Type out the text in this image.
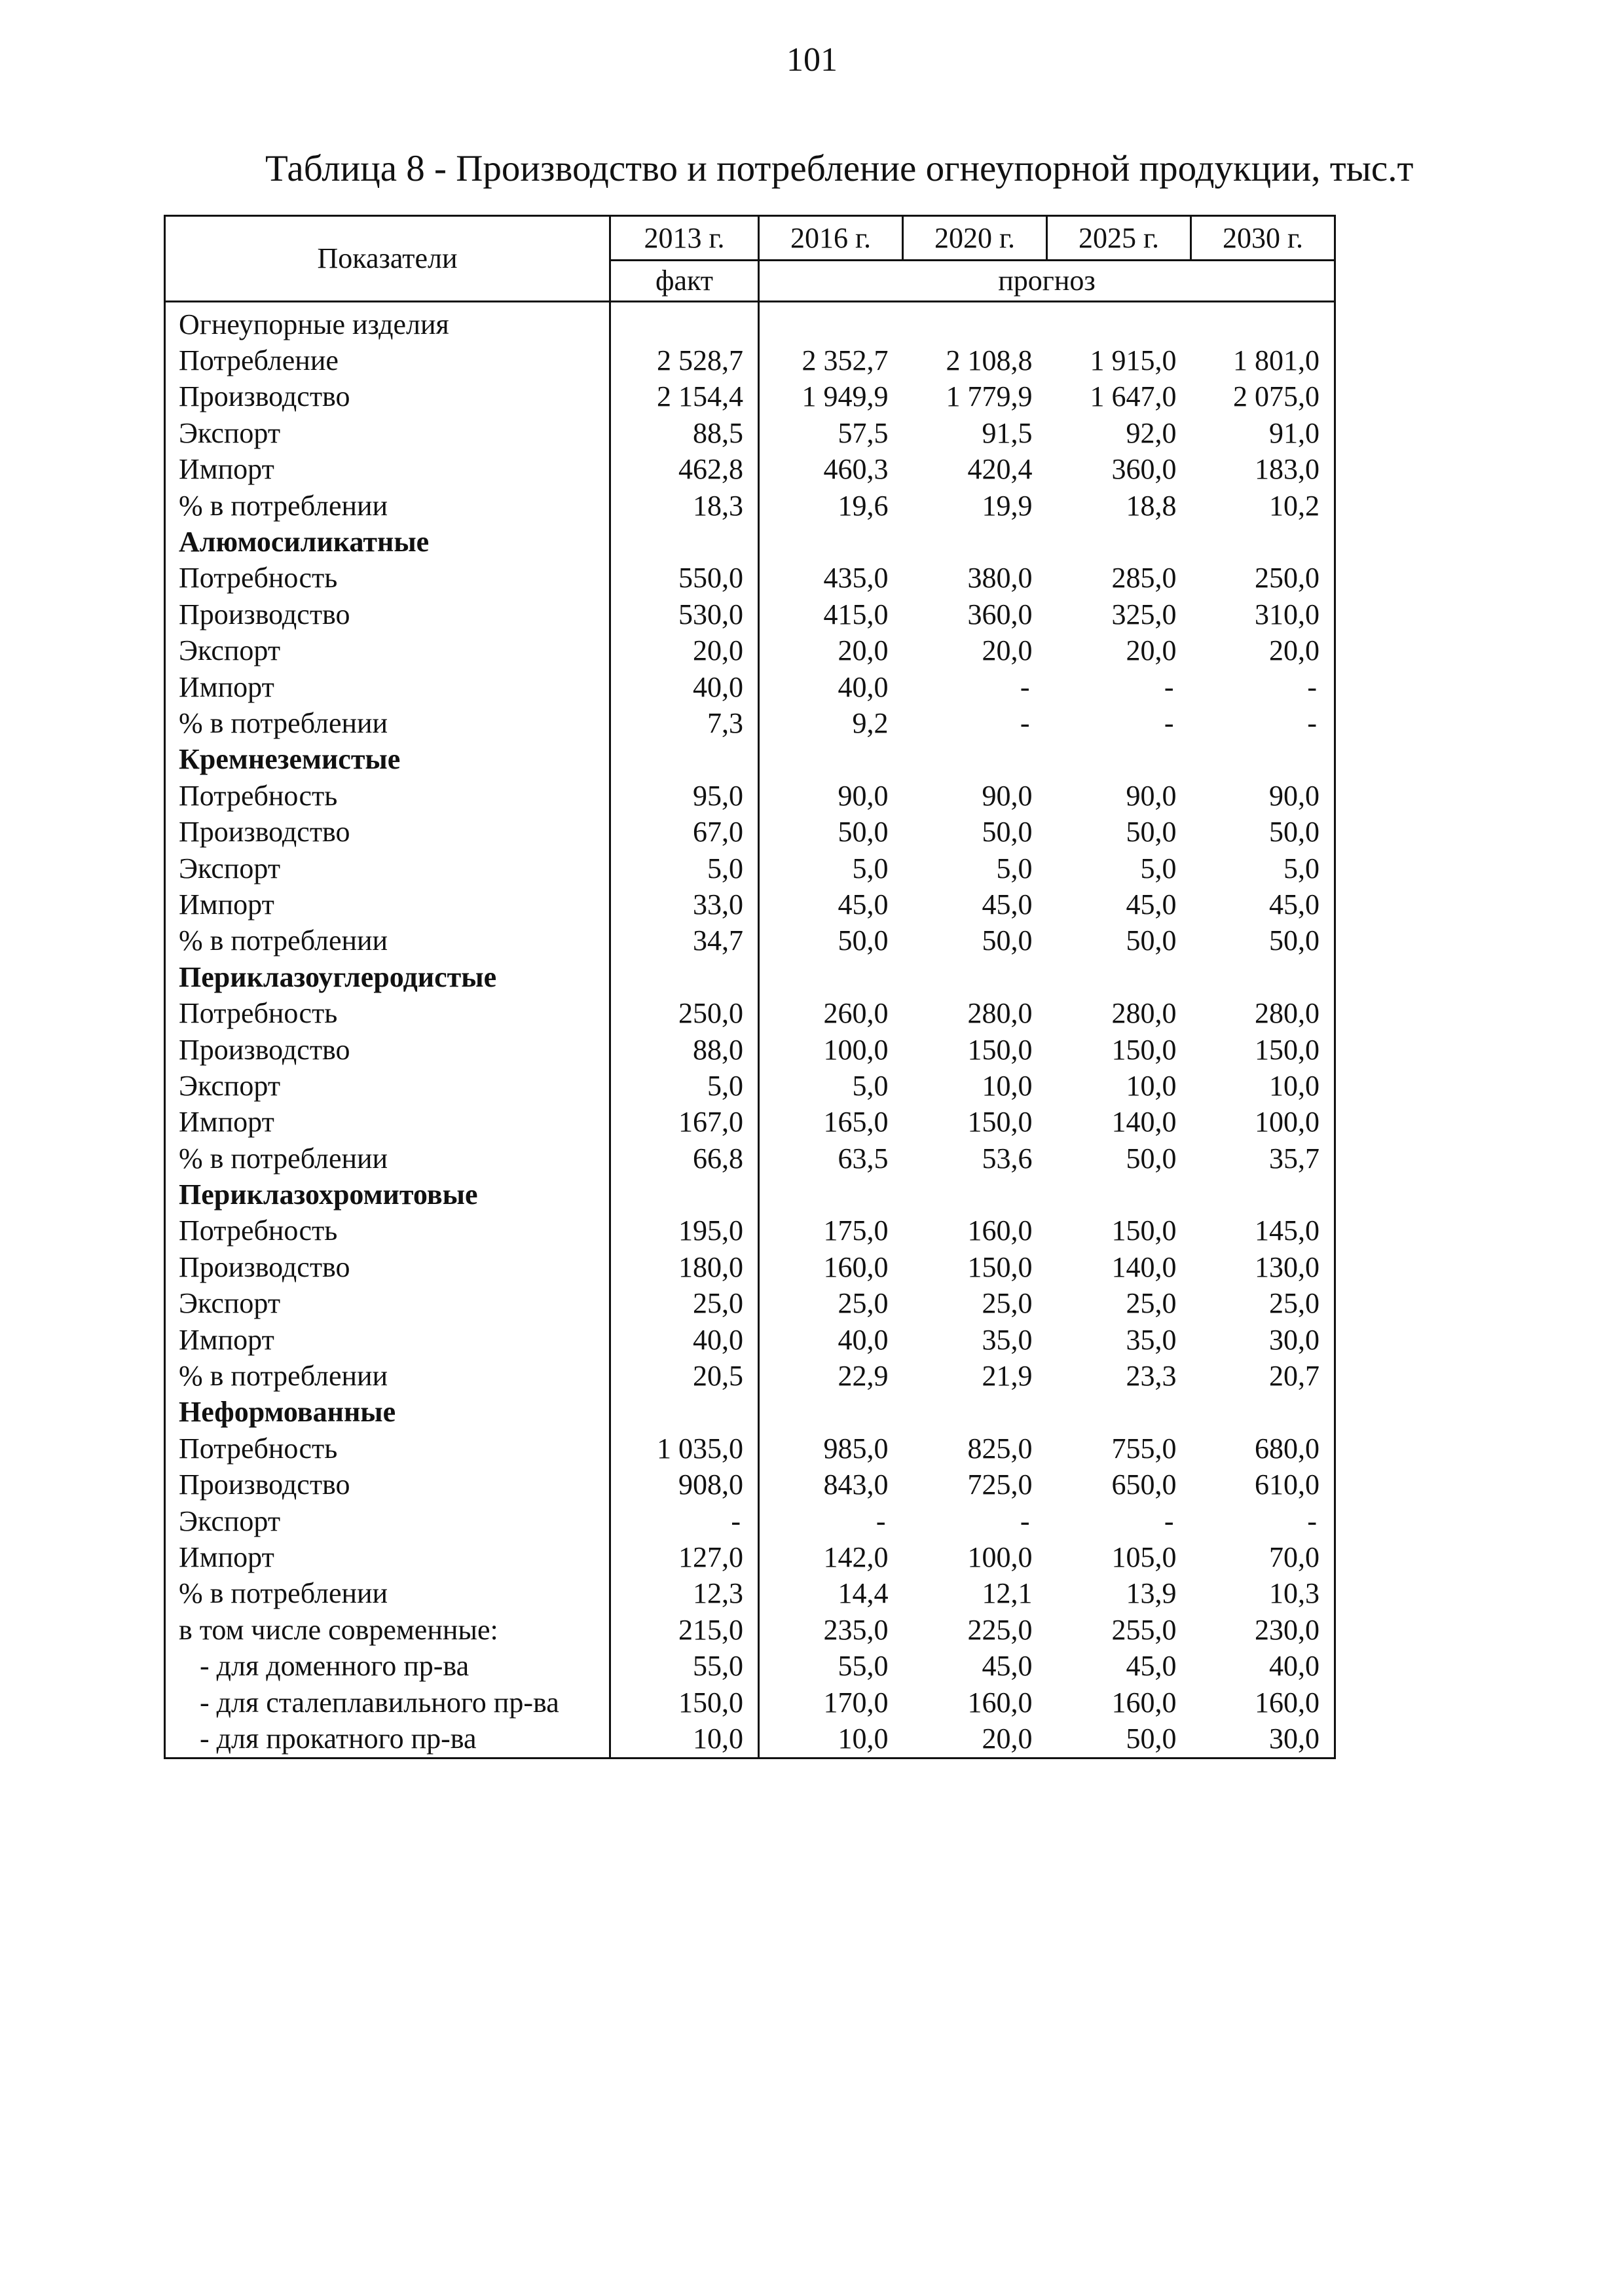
101
Таблица 8 - Производство и потребление огнеупорной продукции, тыс.т
Показатели	2013 г.	2016 г.	2020 г.	2025 г.	2030 г.
	факт	прогноз			
Огнеупорные изделия					
Потребление	2 528,7	2 352,7	2 108,8	1 915,0	1 801,0
Производство	2 154,4	1 949,9	1 779,9	1 647,0	2 075,0
Экспорт	88,5	57,5	91,5	92,0	91,0
Импорт	462,8	460,3	420,4	360,0	183,0
% в потреблении	18,3	19,6	19,9	18,8	10,2
Алюмосиликатные					
Потребность	550,0	435,0	380,0	285,0	250,0
Производство	530,0	415,0	360,0	325,0	310,0
Экспорт	20,0	20,0	20,0	20,0	20,0
Импорт	40,0	40,0	-	-	-
% в потреблении	7,3	9,2	-	-	-
Кремнеземистые					
Потребность	95,0	90,0	90,0	90,0	90,0
Производство	67,0	50,0	50,0	50,0	50,0
Экспорт	5,0	5,0	5,0	5,0	5,0
Импорт	33,0	45,0	45,0	45,0	45,0
% в потреблении	34,7	50,0	50,0	50,0	50,0
Периклазоуглеродистые					
Потребность	250,0	260,0	280,0	280,0	280,0
Производство	88,0	100,0	150,0	150,0	150,0
Экспорт	5,0	5,0	10,0	10,0	10,0
Импорт	167,0	165,0	150,0	140,0	100,0
% в потреблении	66,8	63,5	53,6	50,0	35,7
Периклазохромитовые					
Потребность	195,0	175,0	160,0	150,0	145,0
Производство	180,0	160,0	150,0	140,0	130,0
Экспорт	25,0	25,0	25,0	25,0	25,0
Импорт	40,0	40,0	35,0	35,0	30,0
% в потреблении	20,5	22,9	21,9	23,3	20,7
Неформованные					
Потребность	1 035,0	985,0	825,0	755,0	680,0
Производство	908,0	843,0	725,0	650,0	610,0
Экспорт	-	-	-	-	-
Импорт	127,0	142,0	100,0	105,0	70,0
% в потреблении	12,3	14,4	12,1	13,9	10,3
в том числе современные:	215,0	235,0	225,0	255,0	230,0
- для доменного пр-ва	55,0	55,0	45,0	45,0	40,0
- для сталеплавильного пр-ва	150,0	170,0	160,0	160,0	160,0
- для прокатного пр-ва	10,0	10,0	20,0	50,0	30,0
